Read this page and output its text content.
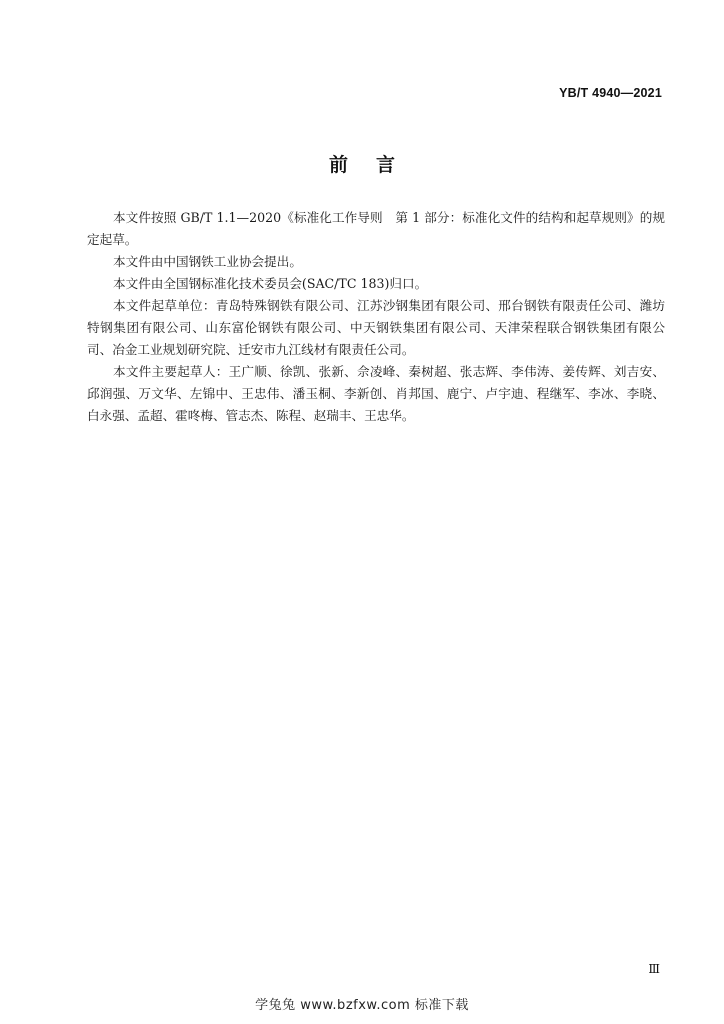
YB/T 4940—2021
前言

本文件按照 GB/T 1.1—2020《标准化工作导则　第 1 部分：标准化文件的结构和起草规则》的规定起草。

本文件由中国钢铁工业协会提出。

本文件由全国钢标准化技术委员会(SAC/TC 183)归口。

本文件起草单位：青岛特殊钢铁有限公司、江苏沙钢集团有限公司、邢台钢铁有限责任公司、潍坊特钢集团有限公司、山东富伦钢铁有限公司、中天钢铁集团有限公司、天津荣程联合钢铁集团有限公司、冶金工业规划研究院、迁安市九江线材有限责任公司。

本文件主要起草人：王广顺、徐凯、张新、佘凌峰、秦树超、张志辉、李伟涛、姜传辉、刘吉安、邱润强、万文华、左锦中、王忠伟、潘玉桐、李新创、肖邦国、鹿宁、卢宇迪、程继军、李冰、李晓、白永强、孟超、霍咚梅、管志杰、陈程、赵瑞丰、王忠华。

Ⅲ
学兔兔 www.bzfxw.com 标准下载
